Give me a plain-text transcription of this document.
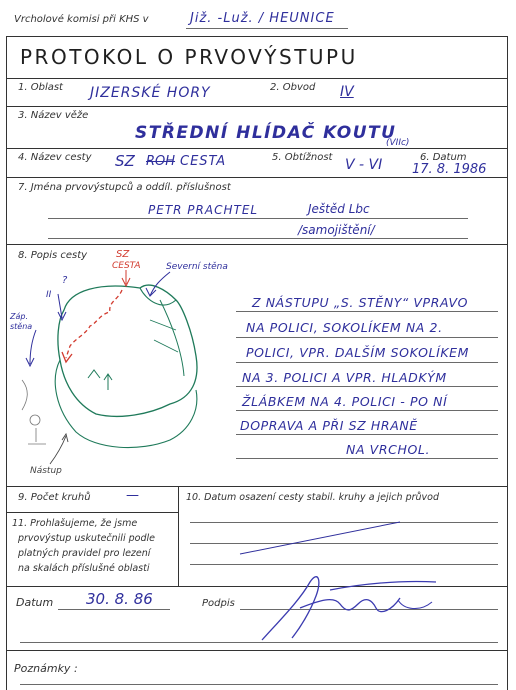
Vrcholové komisi při KHS v	Již. -Luž. / HEUNICE
PROTOKOL O PRVOVÝSTUPU
1. Oblast JIZERSKÉ HORY	2. Obvod IV
3. Název věže
STŘEDNÍ HLÍDAČ KOUTU
4. Název cesty SZ ROH CESTA	5. Obtížnost V - VI
(VIIc)
6. Datum
17. 8. 1986
7. Jména prvovýstupců a oddíl. příslušnost
PETR PRACHTEL	Ještěd Lbc
/samojištění/
8. Popis cesty	SZ
CESTA	Severní stěna
Záp.
stěna
?
II
Nástup
Z NÁSTUPU „S. STĚNY“ VPRAVO
NA POLICI, SOKOLÍKEM NA 2.
POLICI, VPR. DALŠÍM SOKOLÍKEM
NA 3. POLICI A VPR. HLADKÝM
ŽLÁBKEM NA 4. POLICI - PO NÍ
DOPRAVA A PŘI SZ HRANĚ
NA VRCHOL.
9. Počet kruhů	—	10. Datum osazení cesty stabil. kruhy a jejich průvod
11. Prohlašujeme, že jsme
prvovýstup uskutečnili podle
platných pravidel pro lezení
na skalách příslušné oblasti
Datum 30. 8. 86	Podpis
Poznámky :
